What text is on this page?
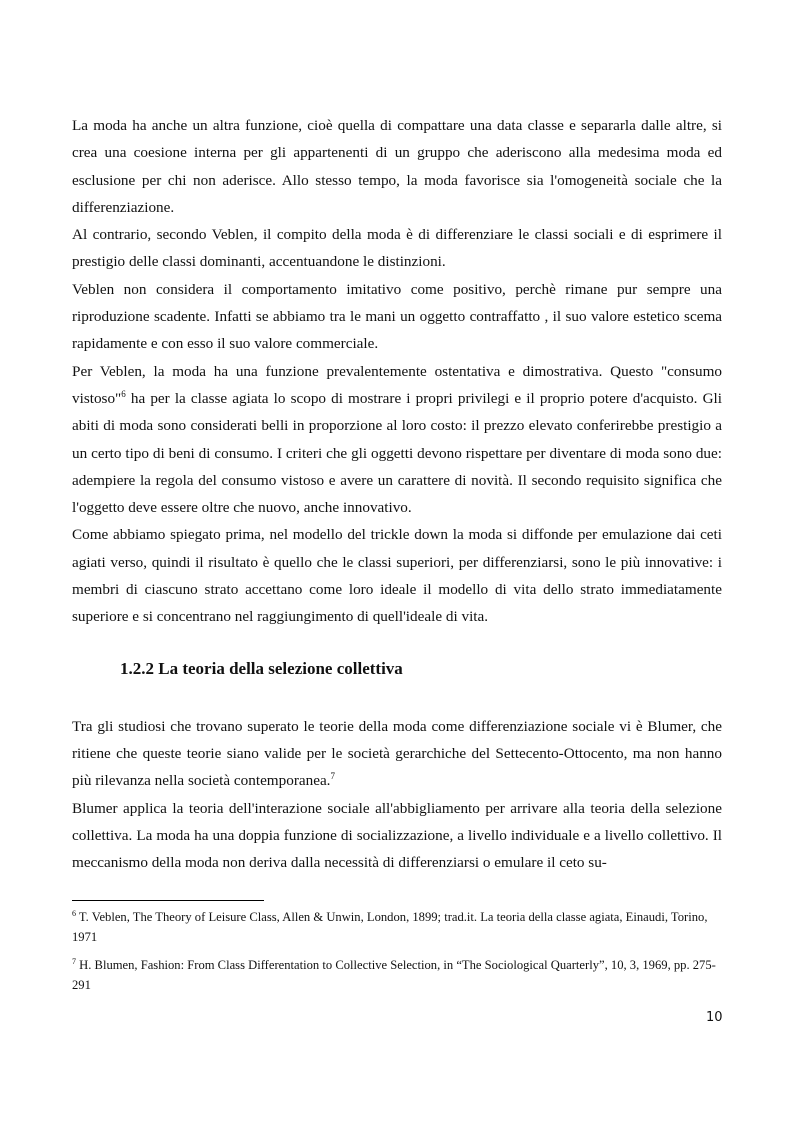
La moda ha anche un altra funzione, cioè quella di compattare una data classe e separarla dalle altre, si crea una coesione interna per gli appartenenti di un gruppo che aderiscono alla medesima moda ed esclusione per chi non aderisce. Allo stesso tempo, la moda favorisce sia l'omogeneità sociale che la differenziazione.

Al contrario, secondo Veblen, il compito della moda è di differenziare le classi sociali e di esprimere il prestigio delle classi dominanti, accentuandone le distinzioni.

Veblen non considera il comportamento imitativo come positivo, perchè rimane pur sempre una riproduzione scadente. Infatti se abbiamo tra le mani un oggetto contraffatto , il suo valore estetico scema rapidamente e con esso il suo valore commerciale.

Per Veblen, la moda ha una funzione prevalentemente ostentativa e dimostrativa. Questo "consumo vistoso"$^6$ ha per la classe agiata lo scopo di mostrare i propri privilegi e il proprio potere d'acquisto. Gli abiti di moda sono considerati belli in proporzione al loro costo: il prezzo elevato conferirebbe prestigio a un certo tipo di beni di consumo. I criteri che gli oggetti devono rispettare per diventare di moda sono due: adempiere la regola del consumo vistoso e avere un carattere di novità. Il secondo requisito significa che l'oggetto deve essere oltre che nuovo, anche innovativo.

Come abbiamo spiegato prima, nel modello del trickle down la moda si diffonde per emulazione dai ceti agiati verso, quindi il risultato è quello che le classi superiori, per differenziarsi, sono le più innovative: i membri di ciascuno strato accettano come loro ideale il modello di vita dello strato immediatamente superiore e si concentrano nel raggiungimento di quell'ideale di vita.

1.2.2 La teoria della selezione collettiva

Tra gli studiosi che trovano superato le teorie della moda come differenziazione sociale vi è Blumer, che ritiene che queste teorie siano valide per le società gerarchiche del Settecento-Ottocento, ma non hanno più rilevanza nella società contemporanea.$^7$

Blumer applica la teoria dell'interazione sociale all'abbigliamento per arrivare alla teoria della selezione collettiva. La moda ha una doppia funzione di socializzazione, a livello individuale e a livello collettivo. Il meccanismo della moda non deriva dalla necessità di differenziarsi o emulare il ceto su-

$^6$ T. Veblen, The Theory of Leisure Class, Allen & Unwin, London, 1899; trad.it. La teoria della classe agiata, Einaudi, Torino, 1971

$^7$ H. Blumen, Fashion: From Class Differentation to Collective Selection, in “The Sociological Quarterly”, 10, 3, 1969, pp. 275-291

10
